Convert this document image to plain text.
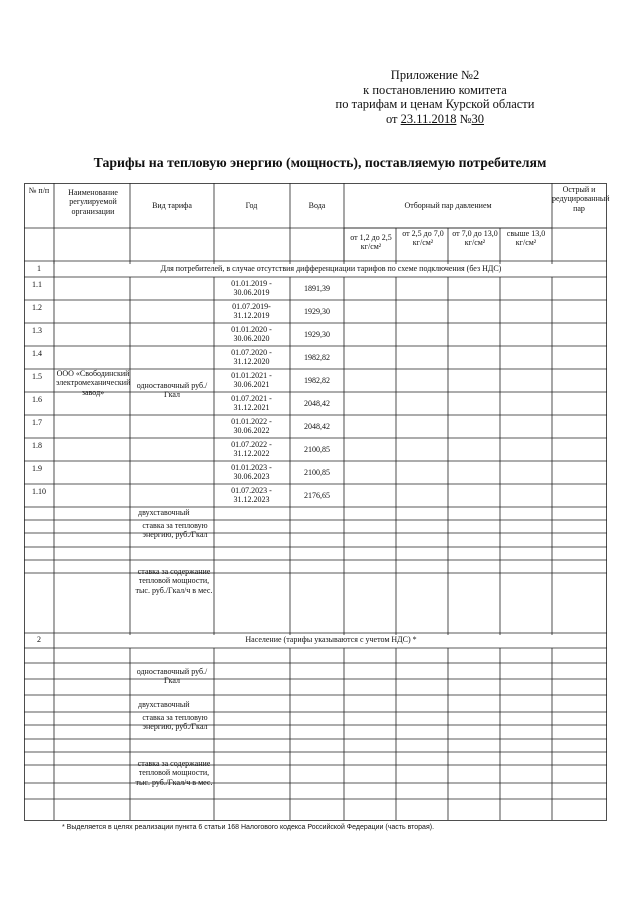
Приложение №2
к постановлению комитета
по тарифам и ценам Курской области
от 23.11.2018 №30
Тарифы на тепловую энергию (мощность), поставляемую потребителям
№ п/п	Наименование регулируемой организации
Вид тарифа	Год	Вода	Отборный пар давлением
Острый и редуцированный пар
от 1,2 до 2,5 кг/см²
от 2,5 до 7,0 кг/см²
от 7,0 до 13,0 кг/см²
свыше 13,0 кг/см²
1	Для потребителей, в случае отсутствия дифференциации тарифов по схеме подключения (без НДС)
ООО «Свободинский электромеханический завод»
одноставочный руб./Гкал
1.1	01.01.2019 - 30.06.2019	1891,39
1.2	01.07.2019- 31.12.2019	1929,30
1.3	01.01.2020 - 30.06.2020	1929,30
1.4	01.07.2020 - 31.12.2020	1982,82
1.5	01.01.2021 - 30.06.2021	1982,82
1.6	01.07.2021 - 31.12.2021	2048,42
1.7	01.01.2022 - 30.06.2022	2048,42
1.8	01.07.2022 - 31.12.2022	2100,85
1.9	01.01.2023 - 30.06.2023	2100,85
1.10	01.07.2023 - 31.12.2023	2176,65
двухставочный
ставка за тепловую энергию, руб./Гкал
ставка за содержание тепловой мощности, тыс. руб./Гкал/ч в мес.
2	Население (тарифы указываются с учетом НДС) *
одноставочный руб./Гкал
двухставочный
ставка за тепловую энергию, руб./Гкал
ставка за содержание тепловой мощности, тыс. руб./Гкал/ч в мес.
* Выделяется в целях реализации пункта 6 статьи 168 Налогового кодекса Российской Федерации (часть вторая).
